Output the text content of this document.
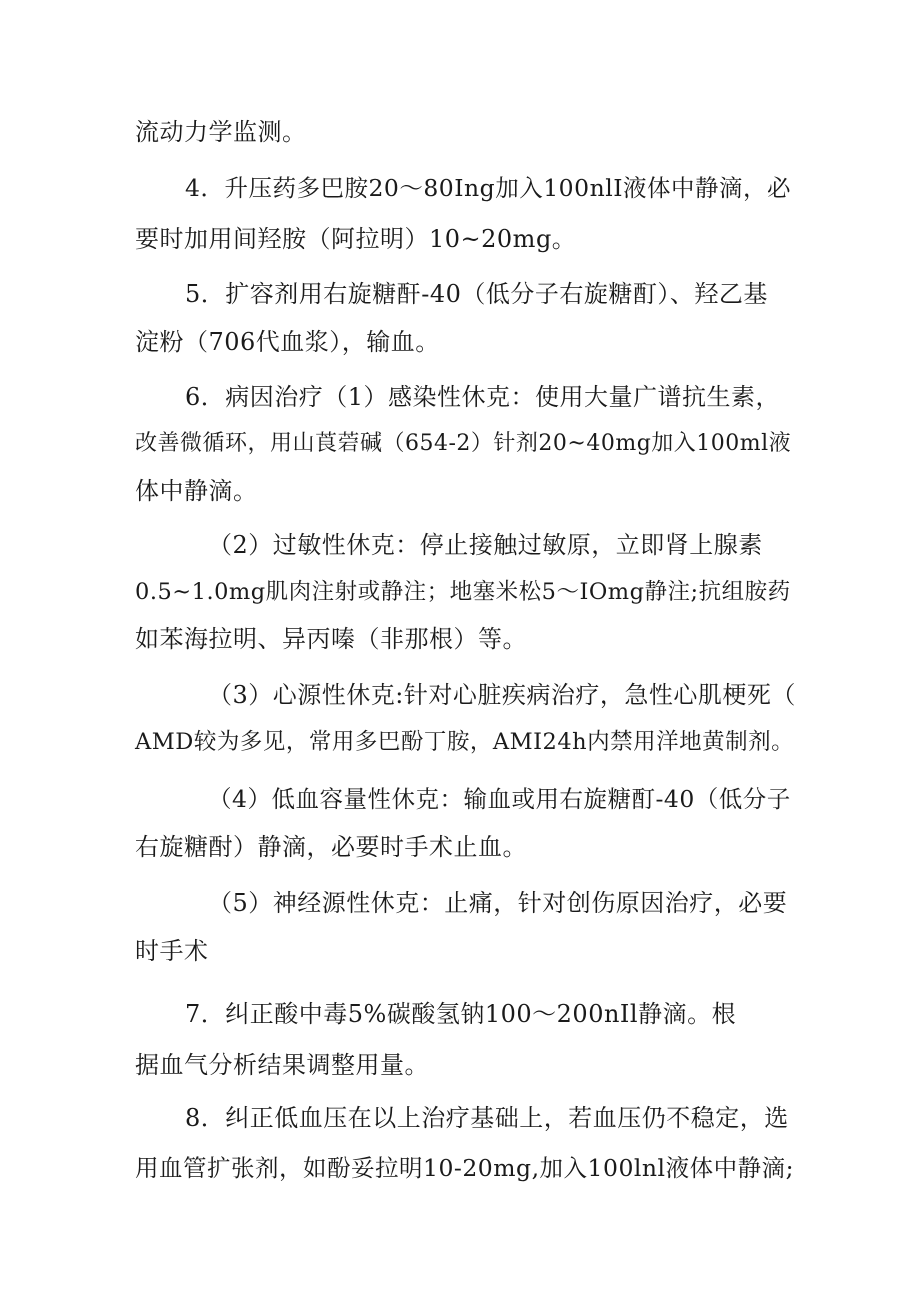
流动力学监测。

4．升压药多巴胺20～80Ing加入100nlI液体中静滴，必

要时加用间羟胺（阿拉明）10~20mg。

5．扩容剂用右旋糖酐-40（低分子右旋糖酊）、羟乙基

淀粉（706代血浆），输血。

6．病因治疗（1）感染性休克：使用大量广谱抗生素，

改善微循环，用山莨菪碱（654-2）针剂20~40mg加入100ml液

体中静滴。

（2）过敏性休克：停止接触过敏原，立即肾上腺素

0.5~1.0mg肌肉注射或静注；地塞米松5～IOmg静注;抗组胺药

如苯海拉明、异丙嗪（非那根）等。

（3）心源性休克:针对心脏疾病治疗，急性心肌梗死（

AMD较为多见，常用多巴酚丁胺，AMI24h内禁用洋地黄制剂。

（4）低血容量性休克：输血或用右旋糖酊-40（低分子

右旋糖酎）静滴，必要时手术止血。

（5）神经源性休克：止痛，针对创伤原因治疗，必要

时手术

7．纠正酸中毒5%碳酸氢钠100～200nIl静滴。根

据血气分析结果调整用量。

8．纠正低血压在以上治疗基础上，若血压仍不稳定，选

用血管扩张剂，如酚妥拉明10-20mg,加入100lnl液体中静滴;
